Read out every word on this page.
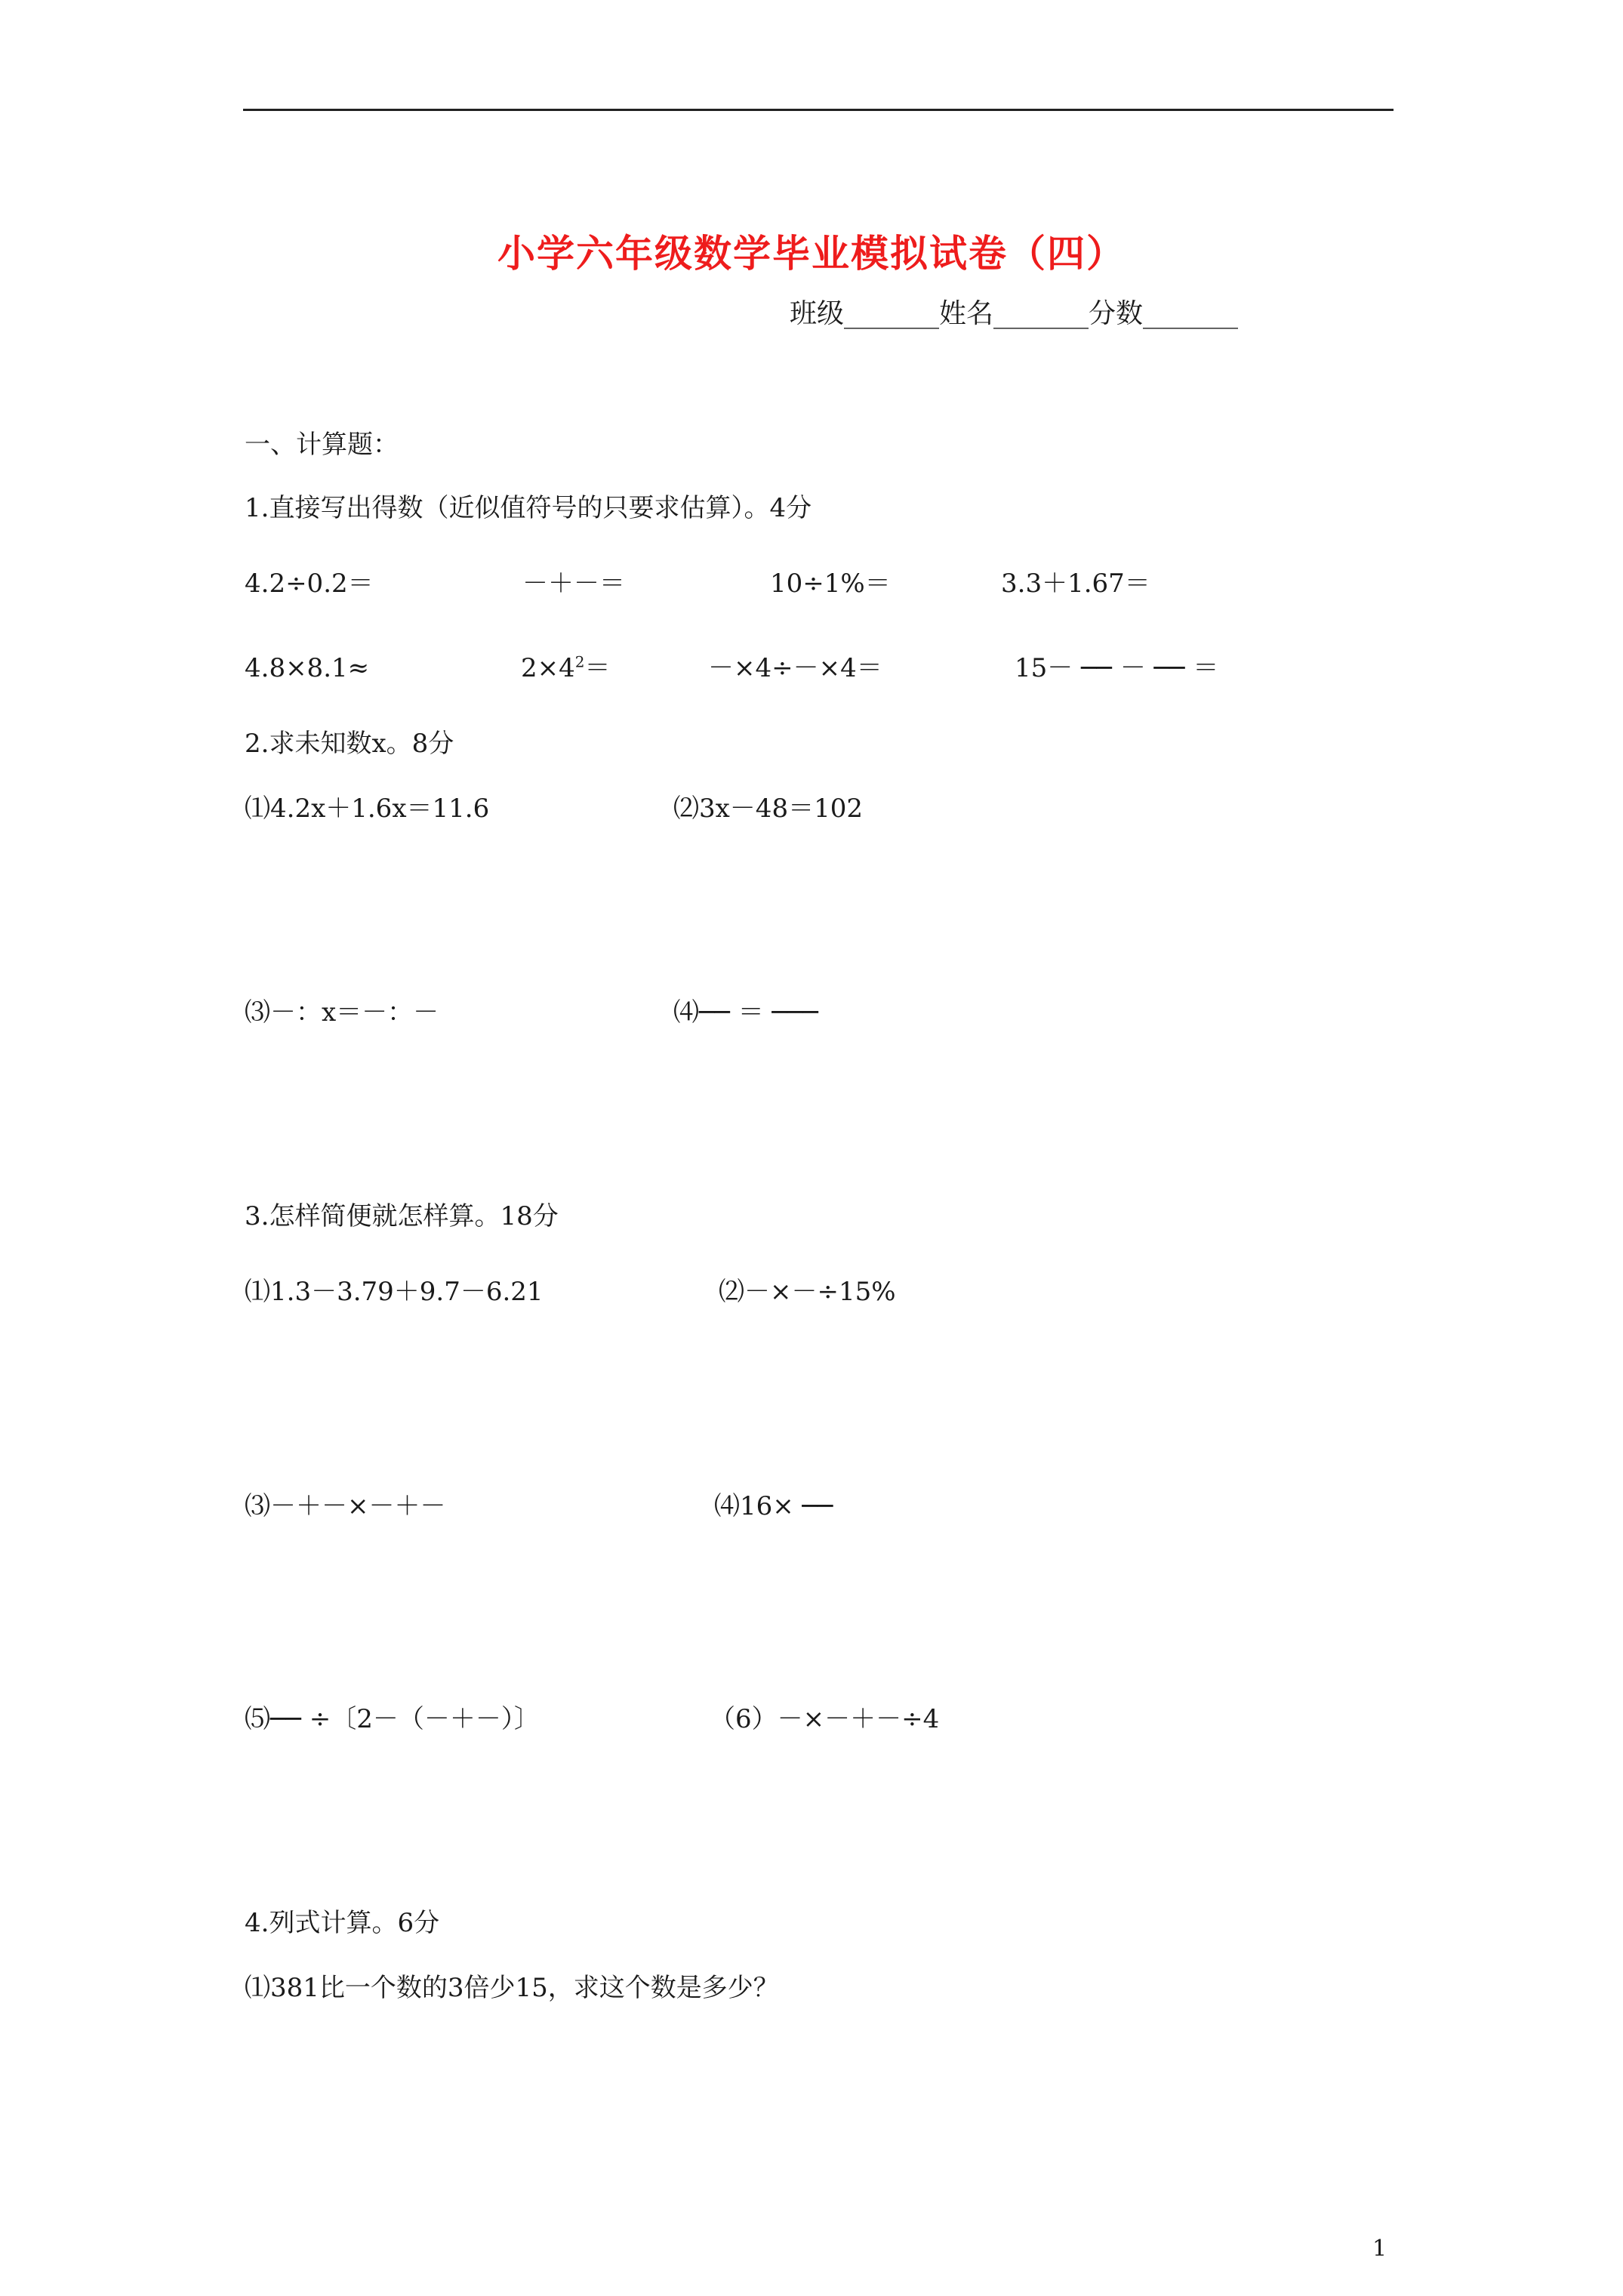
小学六年级数学毕业模拟试卷（四）
班级_______姓名_______分数_______
一、计算题：
1.直接写出得数（近似值符号的只要求估算）。4分
4.2÷0.2＝	－＋－＝	10÷1%＝	3.3＋1.67＝
4.8×8.1≈	$2\times 4^2=$	－×4÷－×4＝	15－ ── － ── ＝
2.求未知数x。8分
⑴4.2x＋1.6x＝11.6	⑵3x－48＝102
⑶－：x＝－：－	⑷── ＝ ───
3.怎样简便就怎样算。18分
⑴1.3－3.79＋9.7－6.21	⑵－×－÷15%
⑶－＋－×－＋－	⑷16× ──
⑸── ÷〔2－（－＋－）〕	（6）－×－＋－÷4
4.列式计算。6分
⑴381比一个数的3倍少15，求这个数是多少？
1
